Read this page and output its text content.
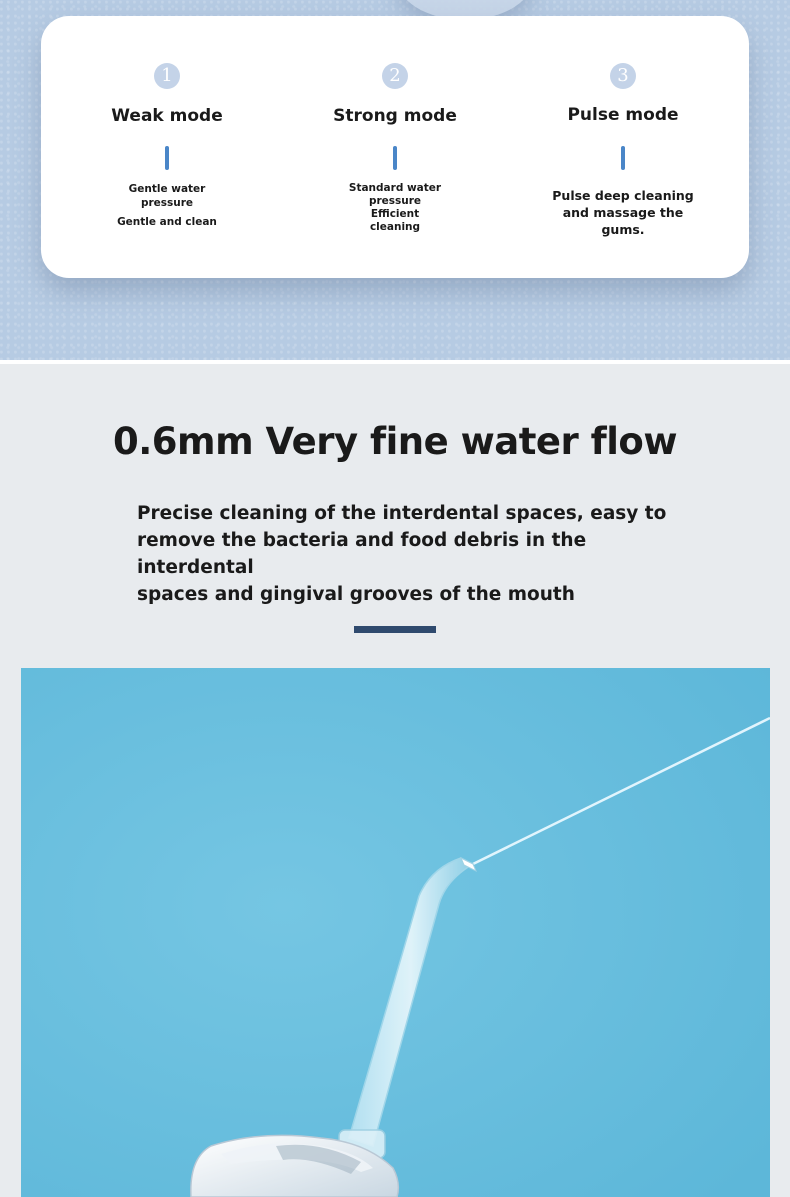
1
Weak mode
Gentle water
pressure
Gentle and clean
2
Strong mode
Standard water
pressure
Efficient
cleaning
3
Pulse mode
Pulse deep cleaning
and massage the
gums.
0.6mm Very fine water flow
Precise cleaning of the interdental spaces, easy to
remove the bacteria and food debris in the interdental
spaces and gingival grooves of the mouth
